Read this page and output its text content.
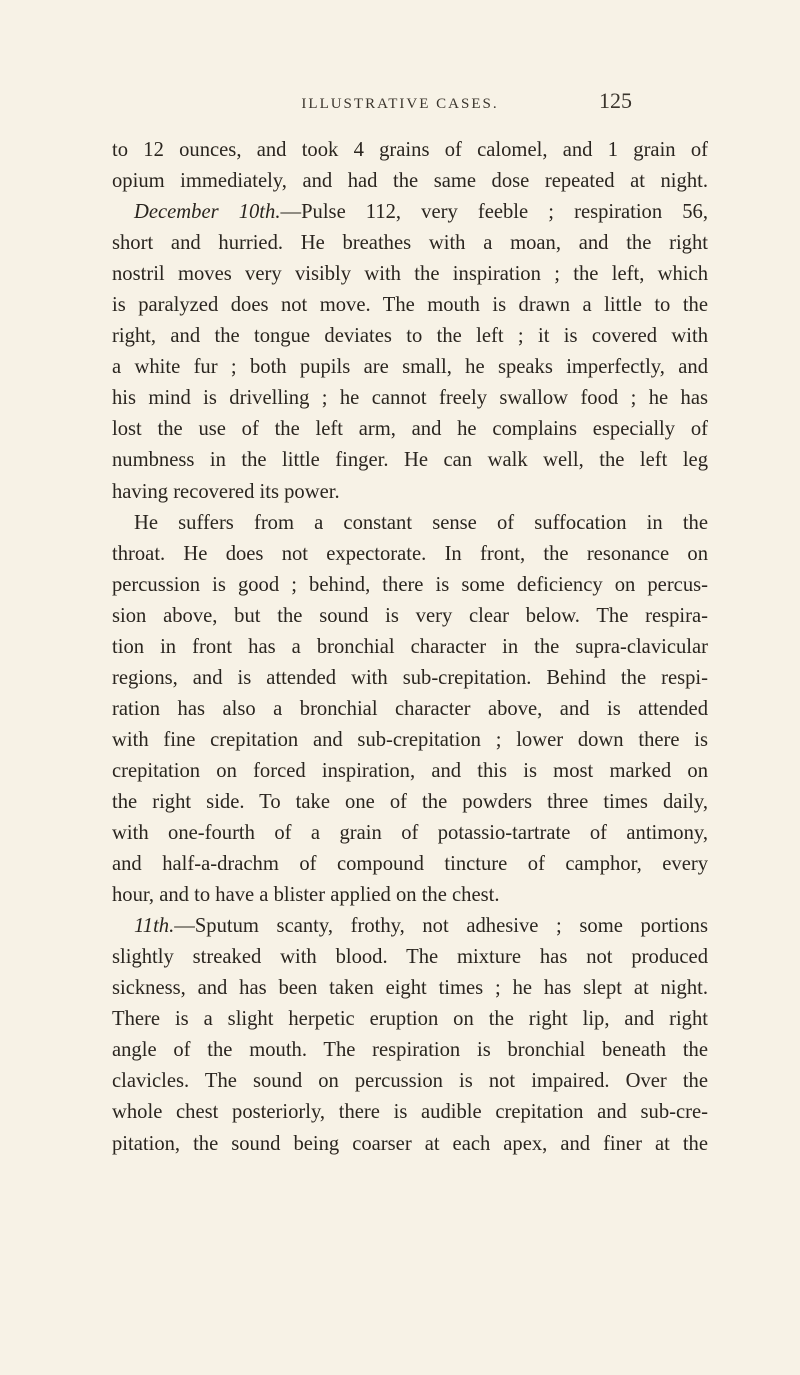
ILLUSTRATIVE CASES.	125
to 12 ounces, and took 4 grains of calomel, and 1 grain of
opium immediately, and had the same dose repeated at night.
December 10th.—Pulse 112, very feeble ; respiration 56,
short and hurried. He breathes with a moan, and the right
nostril moves very visibly with the inspiration ; the left, which
is paralyzed does not move. The mouth is drawn a little to the
right, and the tongue deviates to the left ; it is covered with
a white fur ; both pupils are small, he speaks imperfectly, and
his mind is drivelling ; he cannot freely swallow food ; he has
lost the use of the left arm, and he complains especially of
numbness in the little finger. He can walk well, the left leg
having recovered its power.
He suffers from a constant sense of suffocation in the
throat. He does not expectorate. In front, the resonance on
percussion is good ; behind, there is some deficiency on percus-
sion above, but the sound is very clear below. The respira-
tion in front has a bronchial character in the supra-clavicular
regions, and is attended with sub-crepitation. Behind the respi-
ration has also a bronchial character above, and is attended
with fine crepitation and sub-crepitation ; lower down there is
crepitation on forced inspiration, and this is most marked on
the right side. To take one of the powders three times daily,
with one-fourth of a grain of potassio-tartrate of antimony,
and half-a-drachm of compound tincture of camphor, every
hour, and to have a blister applied on the chest.
11th.—Sputum scanty, frothy, not adhesive ; some portions
slightly streaked with blood. The mixture has not produced
sickness, and has been taken eight times ; he has slept at night.
There is a slight herpetic eruption on the right lip, and right
angle of the mouth. The respiration is bronchial beneath the
clavicles. The sound on percussion is not impaired. Over the
whole chest posteriorly, there is audible crepitation and sub-cre-
pitation, the sound being coarser at each apex, and finer at the
